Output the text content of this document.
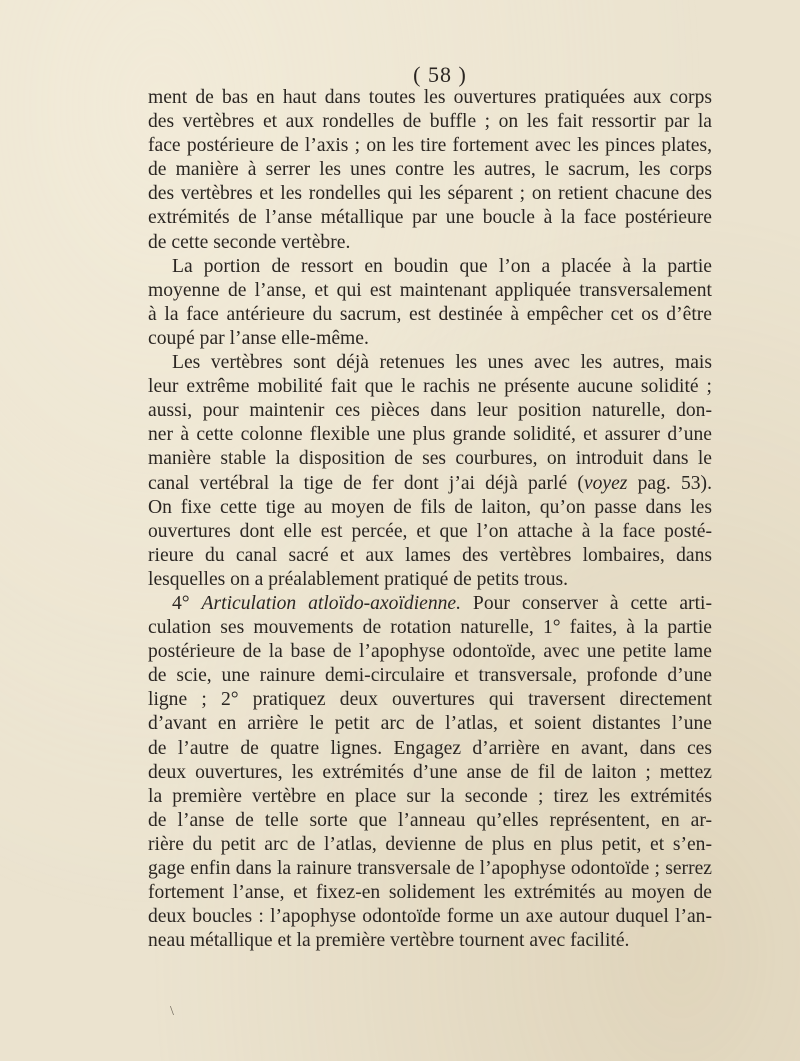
( 58 )
ment de bas en haut dans toutes les ouvertures pratiquées aux corps
des vertèbres et aux rondelles de buffle ; on les fait ressortir par la
face postérieure de l’axis ; on les tire fortement avec les pinces plates,
de manière à serrer les unes contre les autres, le sacrum, les corps
des vertèbres et les rondelles qui les séparent ; on retient chacune des
extrémités de l’anse métallique par une boucle à la face postérieure
de cette seconde vertèbre.
La portion de ressort en boudin que l’on a placée à la partie
moyenne de l’anse, et qui est maintenant appliquée transversalement
à la face antérieure du sacrum, est destinée à empêcher cet os d’être
coupé par l’anse elle-même.
Les vertèbres sont déjà retenues les unes avec les autres, mais
leur extrême mobilité fait que le rachis ne présente aucune solidité ;
aussi, pour maintenir ces pièces dans leur position naturelle, don-
ner à cette colonne flexible une plus grande solidité, et assurer d’une
manière stable la disposition de ses courbures, on introduit dans le
canal vertébral la tige de fer dont j’ai déjà parlé (voyez pag. 53).
On fixe cette tige au moyen de fils de laiton, qu’on passe dans les
ouvertures dont elle est percée, et que l’on attache à la face posté-
rieure du canal sacré et aux lames des vertèbres lombaires, dans
lesquelles on a préalablement pratiqué de petits trous.
4° Articulation atloïdo-axoïdienne. Pour conserver à cette arti-
culation ses mouvements de rotation naturelle, 1° faites, à la partie
postérieure de la base de l’apophyse odontoïde, avec une petite lame
de scie, une rainure demi-circulaire et transversale, profonde d’une
ligne ; 2° pratiquez deux ouvertures qui traversent directement
d’avant en arrière le petit arc de l’atlas, et soient distantes l’une
de l’autre de quatre lignes. Engagez d’arrière en avant, dans ces
deux ouvertures, les extrémités d’une anse de fil de laiton ; mettez
la première vertèbre en place sur la seconde ; tirez les extrémités
de l’anse de telle sorte que l’anneau qu’elles représentent, en ar-
rière du petit arc de l’atlas, devienne de plus en plus petit, et s’en-
gage enfin dans la rainure transversale de l’apophyse odontoïde ; serrez
fortement l’anse, et fixez-en solidement les extrémités au moyen de
deux boucles : l’apophyse odontoïde forme un axe autour duquel l’an-
neau métallique et la première vertèbre tournent avec facilité.
\
